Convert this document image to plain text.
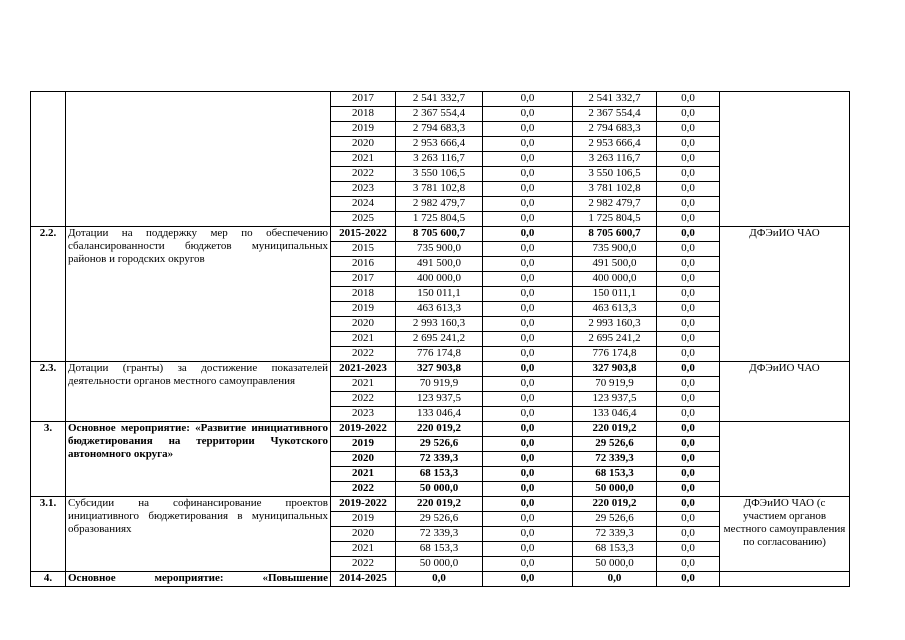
		2017	2 541 332,7	0,0	2 541 332,7	0,0	
		2018	2 367 554,4	0,0	2 367 554,4	0,0	
		2019	2 794 683,3	0,0	2 794 683,3	0,0	
		2020	2 953 666,4	0,0	2 953 666,4	0,0	
		2021	3 263 116,7	0,0	3 263 116,7	0,0	
		2022	3 550 106,5	0,0	3 550 106,5	0,0	
		2023	3 781 102,8	0,0	3 781 102,8	0,0	
		2024	2 982 479,7	0,0	2 982 479,7	0,0	
		2025	1 725 804,5	0,0	1 725 804,5	0,0	
2.2.	Дотации на поддержку мер по обеспечению сбалансированности бюджетов муниципальных районов и городских округов	2015-2022	8 705 600,7	0,0	8 705 600,7	0,0	ДФЭиИО ЧАО
		2015	735 900,0	0,0	735 900,0	0,0	
		2016	491 500,0	0,0	491 500,0	0,0	
		2017	400 000,0	0,0	400 000,0	0,0	
		2018	150 011,1	0,0	150 011,1	0,0	
		2019	463 613,3	0,0	463 613,3	0,0	
		2020	2 993 160,3	0,0	2 993 160,3	0,0	
		2021	2 695 241,2	0,0	2 695 241,2	0,0	
		2022	776 174,8	0,0	776 174,8	0,0	
2.3.	Дотации (гранты) за достижение показателей деятельности органов местного самоуправления	2021-2023	327 903,8	0,0	327 903,8	0,0	ДФЭиИО ЧАО
		2021	70 919,9	0,0	70 919,9	0,0	
		2022	123 937,5	0,0	123 937,5	0,0	
		2023	133 046,4	0,0	133 046,4	0,0	
3.	Основное мероприятие: «Развитие инициативного бюджетирования на территории Чукотского автономного округа»	2019-2022	220 019,2	0,0	220 019,2	0,0	
		2019	29 526,6	0,0	29 526,6	0,0	
		2020	72 339,3	0,0	72 339,3	0,0	
		2021	68 153,3	0,0	68 153,3	0,0	
		2022	50 000,0	0,0	50 000,0	0,0	
3.1.	Субсидии на софинансирование проектов инициативного бюджетирования в муниципальных образованиях	2019-2022	220 019,2	0,0	220 019,2	0,0	ДФЭиИО ЧАО (с участием органов местного самоуправления по согласованию)
		2019	29 526,6	0,0	29 526,6	0,0	
		2020	72 339,3	0,0	72 339,3	0,0	
		2021	68 153,3	0,0	68 153,3	0,0	
		2022	50 000,0	0,0	50 000,0	0,0	
4.	Основное мероприятие: «Повышение	2014-2025	0,0	0,0	0,0	0,0	
